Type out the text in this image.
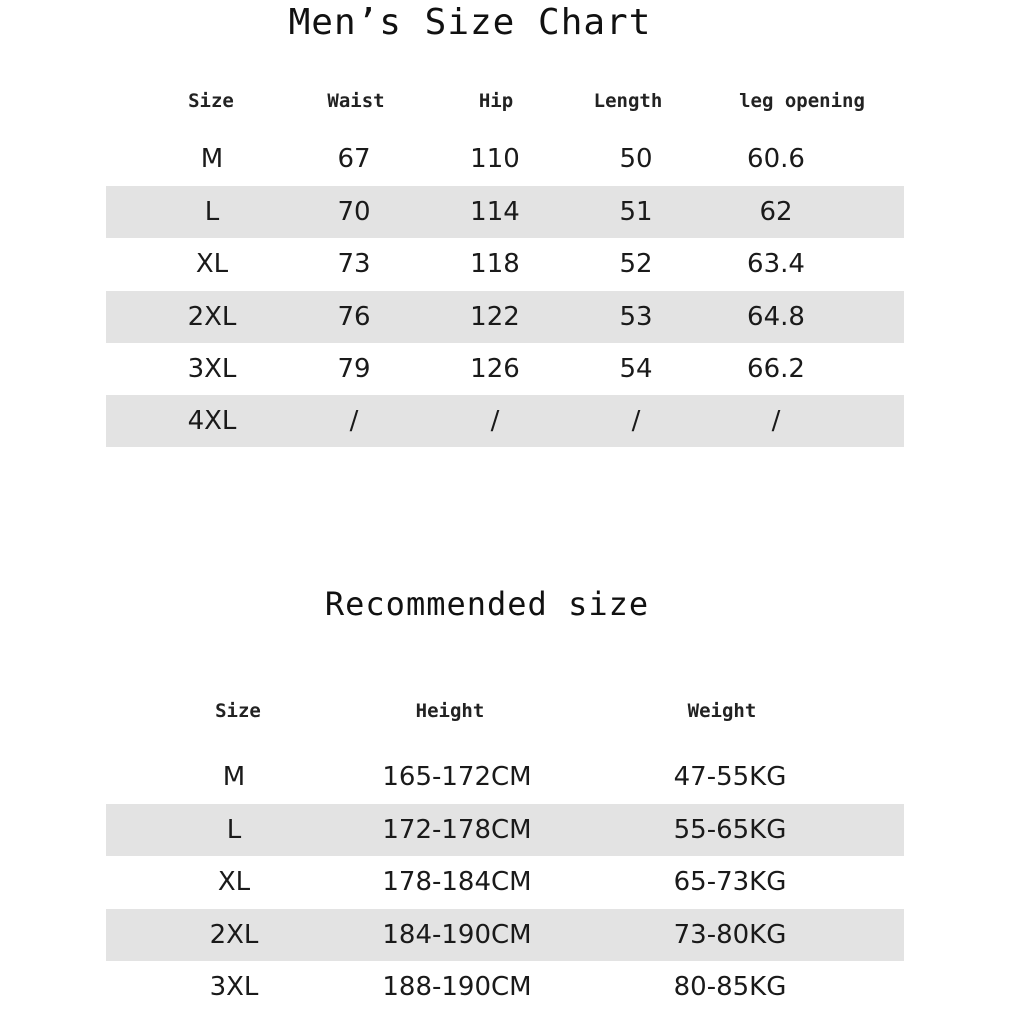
Men’s Size Chart
Size	Waist	Hip	Length	leg opening
M	67	110	50	60.6
L	70	114	51	62
XL	73	118	52	63.4
2XL	76	122	53	64.8
3XL	79	126	54	66.2
4XL	/	/	/	/
Recommended size
Size	Height	Weight
M	165-172CM	47-55KG
L	172-178CM	55-65KG
XL	178-184CM	65-73KG
2XL	184-190CM	73-80KG
3XL	188-190CM	80-85KG
